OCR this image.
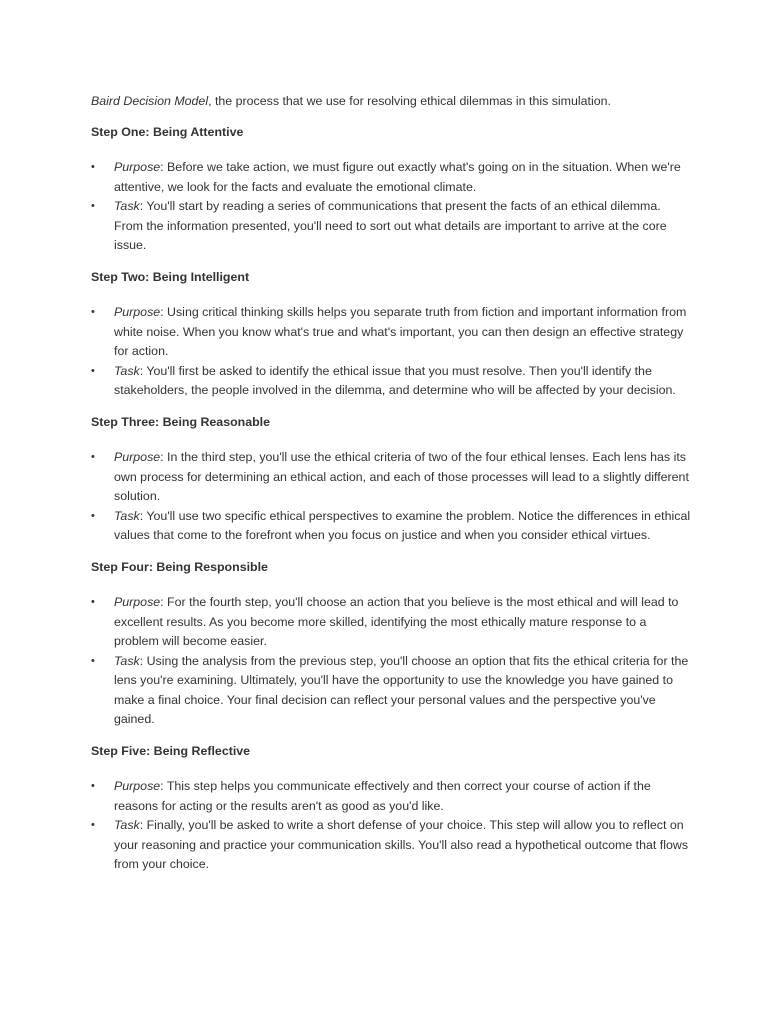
Baird Decision Model, the process that we use for resolving ethical dilemmas in this simulation.

Step One: Being Attentive

•	Purpose: Before we take action, we must figure out exactly what's going on in the situation. When we're attentive, we look for the facts and evaluate the emotional climate.
•	Task: You'll start by reading a series of communications that present the facts of an ethical dilemma. From the information presented, you'll need to sort out what details are important to arrive at the core issue.

Step Two: Being Intelligent

•	Purpose: Using critical thinking skills helps you separate truth from fiction and important information from white noise. When you know what's true and what's important, you can then design an effective strategy for action.
•	Task: You'll first be asked to identify the ethical issue that you must resolve. Then you'll identify the stakeholders, the people involved in the dilemma, and determine who will be affected by your decision.

Step Three: Being Reasonable

•	Purpose: In the third step, you'll use the ethical criteria of two of the four ethical lenses. Each lens has its own process for determining an ethical action, and each of those processes will lead to a slightly different solution.
•	Task: You'll use two specific ethical perspectives to examine the problem. Notice the differences in ethical values that come to the forefront when you focus on justice and when you consider ethical virtues.

Step Four: Being Responsible

•	Purpose: For the fourth step, you'll choose an action that you believe is the most ethical and will lead to excellent results. As you become more skilled, identifying the most ethically mature response to a problem will become easier.
•	Task: Using the analysis from the previous step, you'll choose an option that fits the ethical criteria for the lens you're examining. Ultimately, you'll have the opportunity to use the knowledge you have gained to make a final choice. Your final decision can reflect your personal values and the perspective you've gained.

Step Five: Being Reflective

•	Purpose: This step helps you communicate effectively and then correct your course of action if the reasons for acting or the results aren't as good as you'd like.
•	Task: Finally, you'll be asked to write a short defense of your choice. This step will allow you to reflect on your reasoning and practice your communication skills. You'll also read a hypothetical outcome that flows from your choice.
